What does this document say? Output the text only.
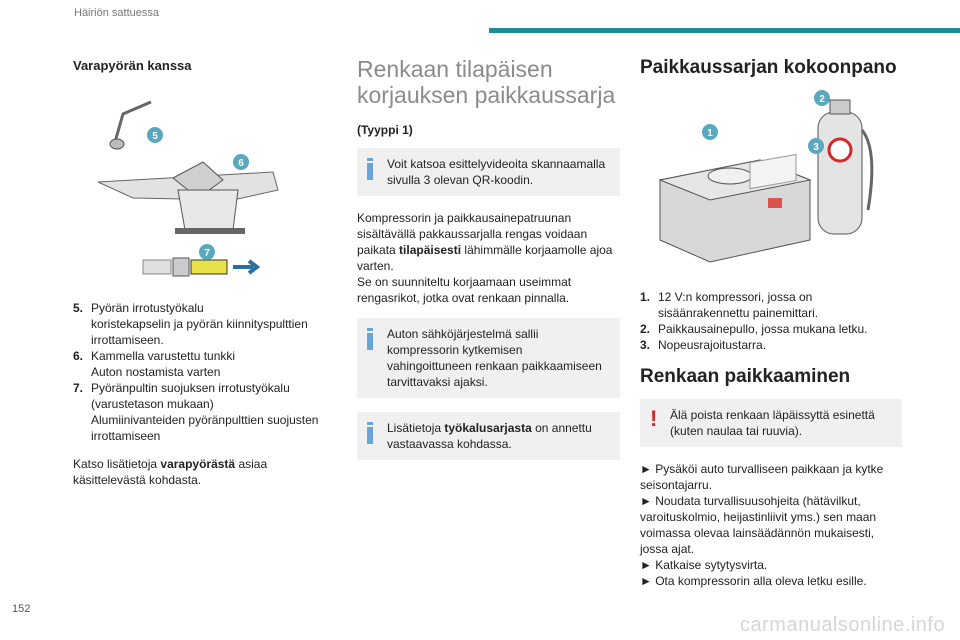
Häiriön sattuessa
Varapyörän kanssa
5
6
7
5. Pyörän irrotustyökalu
koristekapselin ja pyörän kiinnityspulttien irrottamiseen.
6. Kammella varustettu tunkki
Auton nostamista varten
7. Pyöränpultin suojuksen irrotustyökalu
(varustetason mukaan)
Alumiinivanteiden pyöränpulttien suojusten irrottamiseen
Katso lisätietoja varapyörästä asiaa käsittelevästä kohdasta.
Renkaan tilapäisen korjauksen paikkaussarja
(Tyyppi 1)
Voit katsoa esittelyvideoita skannaamalla sivulla 3 olevan QR-koodin.
Kompressorin ja paikkausainepatruunan sisältävällä pakkaussarjalla rengas voidaan paikata tilapäisesti lähimmälle korjaamolle ajoa varten.
Se on suunniteltu korjaamaan useimmat rengasrikot, jotka ovat renkaan pinnalla.
Auton sähköjärjestelmä sallii kompressorin kytkemisen vahingoittuneen renkaan paikkaamiseen tarvittavaksi ajaksi.
Lisätietoja työkalusarjasta on annettu vastaavassa kohdassa.
Paikkaussarjan kokoonpano
1
2
3
1. 12 V:n kompressori, jossa on sisäänrakennettu painemittari.
2. Paikkausainepullo, jossa mukana letku.
3. Nopeusrajoitustarra.
Renkaan paikkaaminen
!	Älä poista renkaan läpäissyttä esinettä (kuten naulaa tai ruuvia).
► Pysäköi auto turvalliseen paikkaan ja kytke seisontajarru.
► Noudata turvallisuusohjeita (hätävilkut, varoituskolmio, heijastinliivit yms.) sen maan voimassa olevaa lainsäädännön mukaisesti, jossa ajat.
► Katkaise sytytysvirta.
► Ota kompressorin alla oleva letku esille.
152
carmanualsonline.info
